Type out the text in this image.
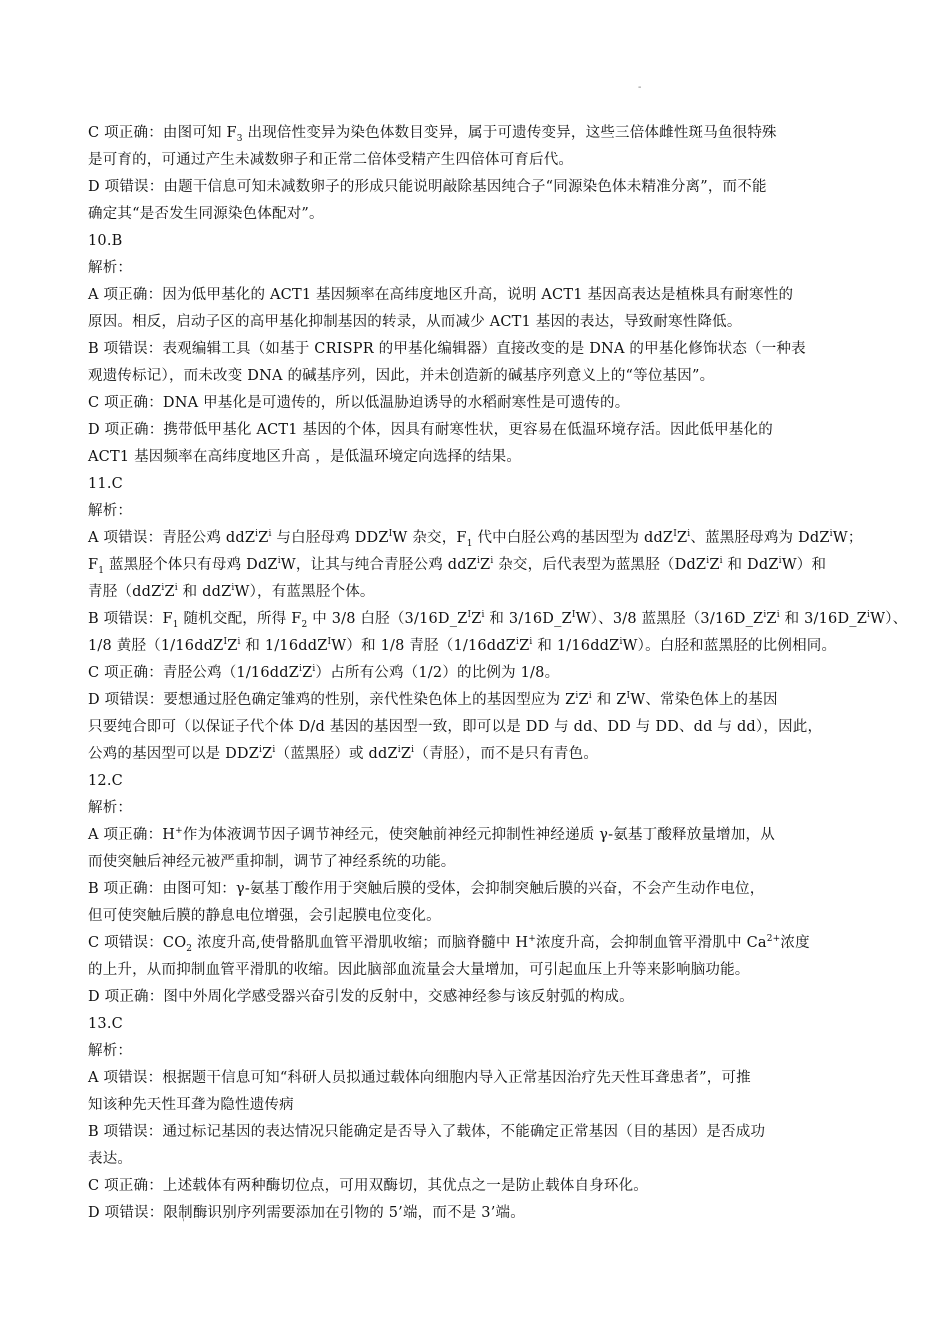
-
C 项正确：由图可知 $F_3$ 出现倍性变异为染色体数目变异，属于可遗传变异，这些三倍体雌性斑马鱼很特殊
是可育的，可通过产生未减数卵子和正常二倍体受精产生四倍体可育后代。
D 项错误：由题干信息可知未减数卵子的形成只能说明敲除基因纯合子“同源染色体未精准分离”，而不能
确定其“是否发生同源染色体配对”。
10.B
解析：
A 项正确：因为低甲基化的 ACT1 基因频率在高纬度地区升高，说明 ACT1 基因高表达是植株具有耐寒性的
原因。相反，启动子区的高甲基化抑制基因的转录，从而减少 ACT1 基因的表达，导致耐寒性降低。
B 项错误：表观编辑工具（如基于 CRISPR 的甲基化编辑器）直接改变的是 DNA 的甲基化修饰状态（一种表
观遗传标记），而未改变 DNA 的碱基序列，因此，并未创造新的碱基序列意义上的“等位基因”。
C 项正确：DNA 甲基化是可遗传的，所以低温胁迫诱导的水稻耐寒性是可遗传的。
D 项正确：携带低甲基化 ACT1 基因的个体，因具有耐寒性状，更容易在低温环境存活。因此低甲基化的
ACT1 基因频率在高纬度地区升高 ，是低温环境定向选择的结果。
11.C
解析：
A 项错误：青胫公鸡 $ddZ^iZ^i$ 与白胫母鸡 $DDZ^IW$ 杂交，$F_1$ 代中白胫公鸡的基因型为 $ddZ^IZ^i$、蓝黑胫母鸡为 DdZ$^i$W；
$F_1$ 蓝黑胫个体只有母鸡 DdZ$^i$W，让其与纯合青胫公鸡 $ddZ^iZ^i$ 杂交，后代表型为蓝黑胫（$DdZ^iZ^i$ 和 DdZ$^i$W）和
青胫（$ddZ^iZ^i$ 和 ddZ$^i$W），有蓝黑胫个体。
B 项错误：$F_1$ 随机交配，所得 $F_2$ 中 3/8 白胫（$3/16D\_Z^IZ^i$ 和 $3/16D\_Z^IW$）、3/8 蓝黑胫（$3/16D\_Z^iZ^i$ 和 $3/16D\_Z^iW$）、
1/8 黄胫（$1/16ddZ^IZ^i$ 和 1/16ddZ$^I$W）和 1/8 青胫（$1/16ddZ^iZ^i$ 和 1/16ddZ$^i$W）。白胫和蓝黑胫的比例相同。
C 项正确：青胫公鸡$(1/16ddZ^iZ^i)$占所有公鸡（1/2）的比例为 1/8。
D 项错误：要想通过胫色确定雏鸡的性别，亲代性染色体上的基因型应为 $Z^iZ^i$ 和 $Z^IW$、常染色体上的基因
只要纯合即可（以保证子代个体 D/d 基因的基因型一致，即可以是 DD 与 dd、DD 与 DD、dd 与 dd），因此，
公鸡的基因型可以是 $DDZ^iZ^i$（蓝黑胫）或 $ddZ^iZ^i$（青胫），而不是只有青色。
12.C
解析：
A 项正确：H+作为体液调节因子调节神经元，使突触前神经元抑制性神经递质 γ-氨基丁酸释放量增加，从
而使突触后神经元被严重抑制，调节了神经系统的功能。
B 项正确：由图可知：γ-氨基丁酸作用于突触后膜的受体，会抑制突触后膜的兴奋，不会产生动作电位，
但可使突触后膜的静息电位增强，会引起膜电位变化。
C 项错误：$CO_2$ 浓度升高,使骨骼肌血管平滑肌收缩；而脑脊髓中 H+浓度升高，会抑制血管平滑肌中 $Ca^{2+}$浓度
的上升，从而抑制血管平滑肌的收缩。因此脑部血流量会大量增加，可引起血压上升等来影响脑功能。
D 项正确：图中外周化学感受器兴奋引发的反射中，交感神经参与该反射弧的构成。
13.C
解析：
A 项错误：根据题干信息可知“科研人员拟通过载体向细胞内导入正常基因治疗先天性耳聋患者”，可推
知该种先天性耳聋为隐性遗传病
B 项错误：通过标记基因的表达情况只能确定是否导入了载体，不能确定正常基因（目的基因）是否成功
表达。
C 项正确：上述载体有两种酶切位点，可用双酶切，其优点之一是防止载体自身环化。
D 项错误：限制酶识别序列需要添加在引物的 5’端，而不是 3’端。
'
